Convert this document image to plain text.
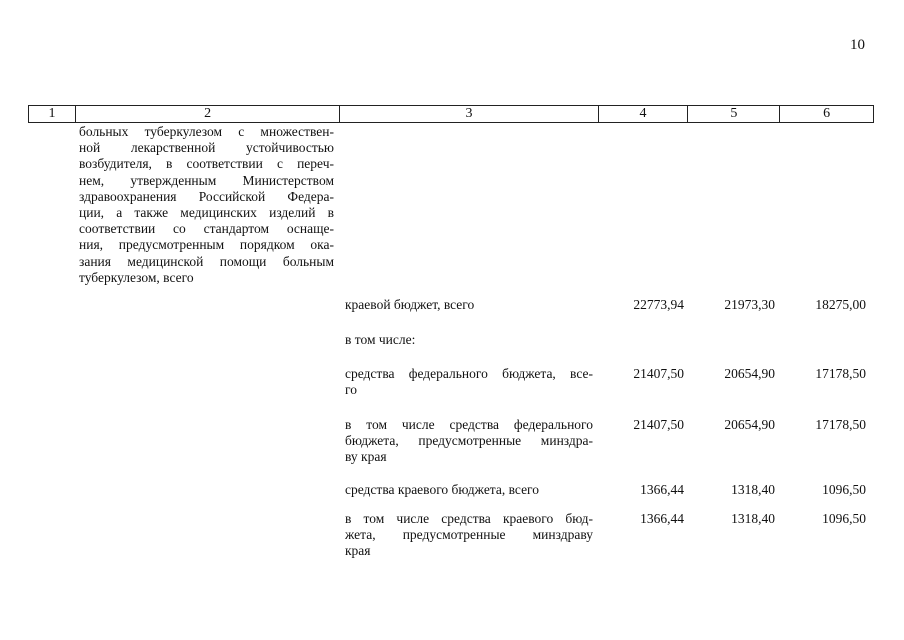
10
1	2	3	4	5	6
больных туберкулезом с множествен-
ной лекарственной устойчивостью
возбудителя, в соответствии с переч-
нем, утвержденным Министерством
здравоохранения Российской Федера-
ции, а также медицинских изделий в
соответствии со стандартом оснаще-
ния, предусмотренным порядком ока-
зания медицинской помощи больным
туберкулезом, всего
краевой бюджет, всего	22773,94	21973,30	18275,00
в том числе:
средства федерального бюджета, все-
го
21407,50	20654,90	17178,50
в том числе средства федерального
бюджета, предусмотренные минздра-
ву края
21407,50	20654,90	17178,50
средства краевого бюджета, всего	1366,44	1318,40	1096,50
в том числе средства краевого бюд-
жета, предусмотренные минздраву
края
1366,44	1318,40	1096,50
